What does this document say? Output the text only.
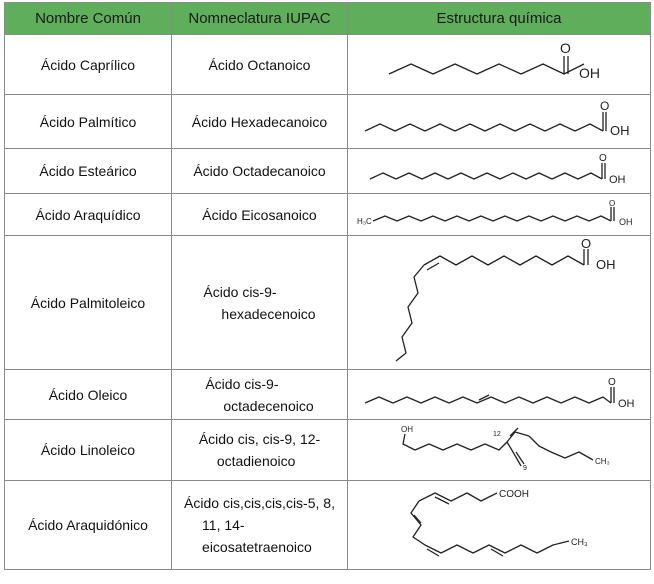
Nombre Común	Nomneclatura IUPAC	Estructura química
Ácido Caprílico	Ácido Octanoico	O
OH

Ácido Palmítico	Ácido Hexadecanoico	O
OH

Ácido Esteárico	Ácido Octadecanoico	O
OH

Ácido Araquídico	Ácido Eicosanoico	H₃C
O
OH

Ácido Palmitoleico	Ácido cis-9-
hexadecenoico	O
OH

Ácido Oleico	Ácido cis-9-
octadecenoico	O
OH

Ácido Linoleico	Ácido cis, cis-9, 12-
octadienoico	OH
12
9
CH₃

Ácido Araquidónico	Ácido cis,cis,cis,cis-5, 8,
11, 14-
eicosatetraenoico	COOH
CH₃
